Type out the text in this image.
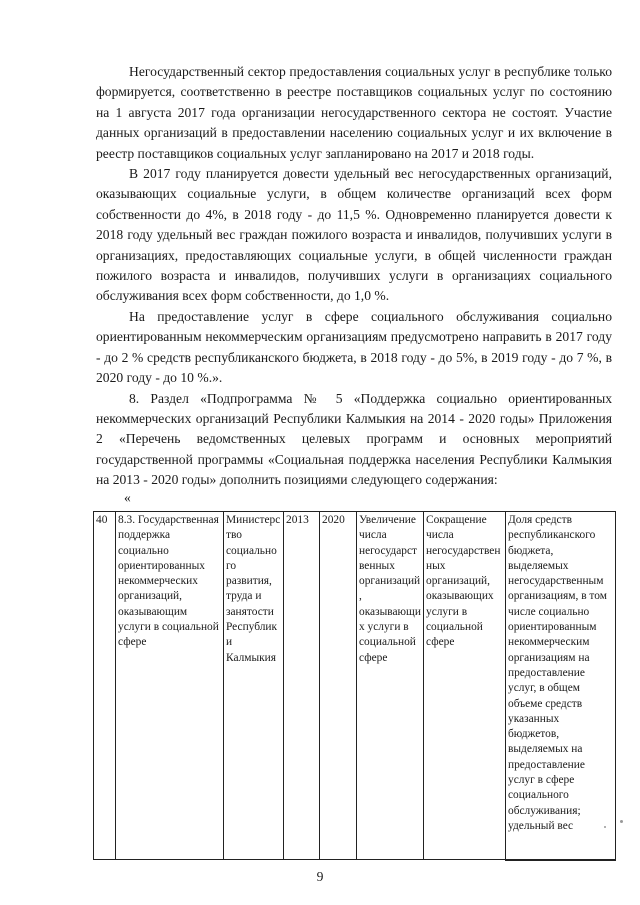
Негосударственный сектор предоставления социальных услуг в республике только формируется, соответственно в реестре поставщиков социальных услуг по состоянию на 1 августа 2017 года организации негосударственного сектора не состоят. Участие данных организаций в предоставлении населению социальных услуг и их включение в реестр поставщиков социальных услуг запланировано на 2017 и 2018 годы.

В 2017 году планируется довести удельный вес негосударственных организаций, оказывающих социальные услуги, в общем количестве организаций всех форм собственности до 4%, в 2018 году - до 11,5 %. Одновременно планируется довести к 2018 году удельный вес граждан пожилого возраста и инвалидов, получивших услуги в организациях, предоставляющих социальные услуги, в общей численности граждан пожилого возраста и инвалидов, получивших услуги в организациях социального обслуживания всех форм собственности, до 1,0 %.

На предоставление услуг в сфере социального обслуживания социально ориентированным некоммерческим организациям предусмотрено направить в 2017 году - до 2 % средств республиканского бюджета, в 2018 году - до 5%, в 2019 году - до 7 %, в 2020 году - до 10 %.».

8. Раздел «Подпрограмма № 5 «Поддержка социально ориентированных некоммерческих организаций Республики Калмыкия на 2014 - 2020 годы» Приложения 2 «Перечень ведомственных целевых программ и основных мероприятий государственной программы «Социальная поддержка населения Республики Калмыкия на 2013 - 2020 годы» дополнить позициями следующего содержания:

«
40	8.3. Государственная поддержка социально ориентированных некоммерческих организаций, оказывающим услуги в социальной сфере	Министерство социального развития, труда и занятости Республики Калмыкия	2013	2020	Увеличение числа негосударственных организаций, оказывающих услуги в социальной сфере	Сокращение числа негосударственных организаций, оказывающих услуги в социальной сфере	Доля средств республиканского бюджета, выделяемых негосударственным организациям, в том числе социально ориентированным некоммерческим организациям на предоставление услуг, в общем объеме средств указанных бюджетов, выделяемых на предоставление услуг в сфере социального обслуживания; удельный вес
9
